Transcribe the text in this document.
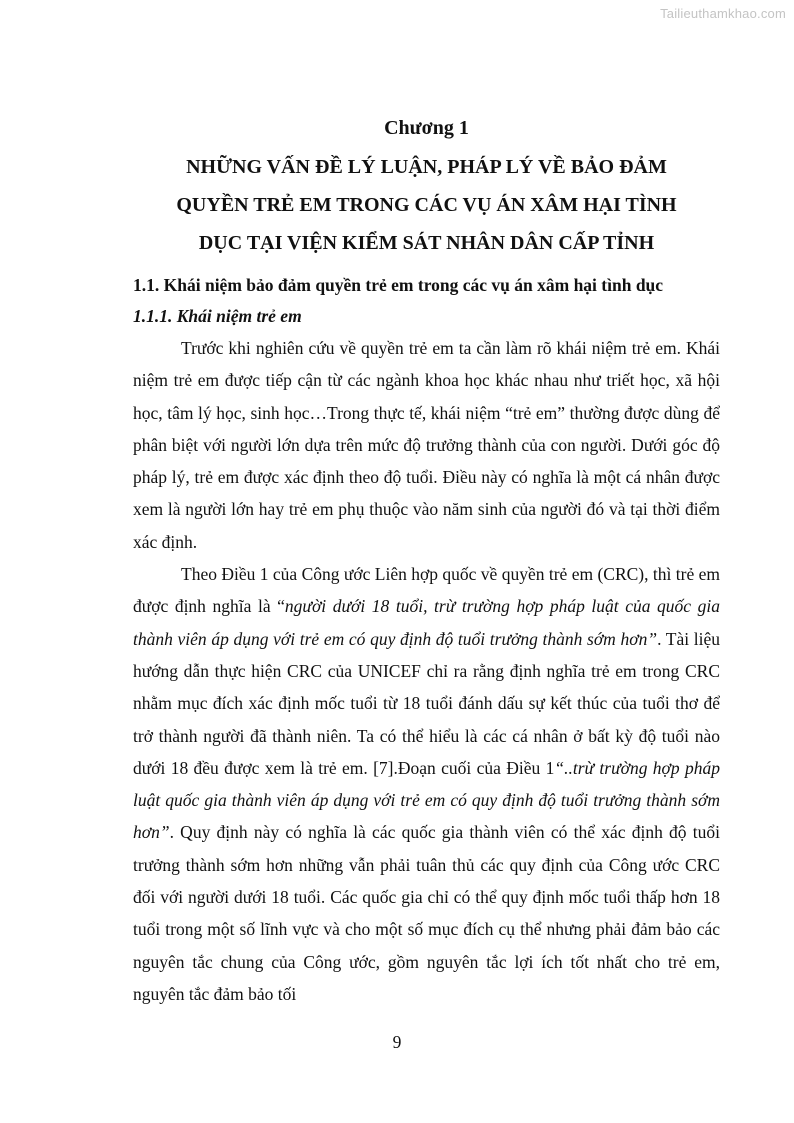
Tailieuthamkhao.com
Chương 1
NHỮNG VẤN ĐỀ LÝ LUẬN, PHÁP LÝ VỀ BẢO ĐẢM
QUYỀN TRẺ EM TRONG CÁC VỤ ÁN XÂM HẠI TÌNH
DỤC TẠI VIỆN KIỂM SÁT NHÂN DÂN CẤP TỈNH
1.1. Khái niệm bảo đảm quyền trẻ em trong các vụ án xâm hại tình dục
1.1.1. Khái niệm trẻ em

Trước khi nghiên cứu về quyền trẻ em ta cần làm rõ khái niệm trẻ em. Khái niệm trẻ em được tiếp cận từ các ngành khoa học khác nhau như triết học, xã hội học, tâm lý học, sinh học…Trong thực tế, khái niệm “trẻ em” thường được dùng để phân biệt với người lớn dựa trên mức độ trưởng thành của con người. Dưới góc độ pháp lý, trẻ em được xác định theo độ tuổi. Điều này có nghĩa là một cá nhân được xem là người lớn hay trẻ em phụ thuộc vào năm sinh của người đó và tại thời điểm xác định.

Theo Điều 1 của Công ước Liên hợp quốc về quyền trẻ em (CRC), thì trẻ em được định nghĩa là “người dưới 18 tuổi, trừ trường hợp pháp luật của quốc gia thành viên áp dụng với trẻ em có quy định độ tuổi trưởng thành sớm hơn”. Tài liệu hướng dẫn thực hiện CRC của UNICEF chỉ ra rằng định nghĩa trẻ em trong CRC nhằm mục đích xác định mốc tuổi từ 18 tuổi đánh dấu sự kết thúc của tuổi thơ để trở thành người đã thành niên. Ta có thể hiểu là các cá nhân ở bất kỳ độ tuổi nào dưới 18 đều được xem là trẻ em. [7].Đoạn cuối của Điều 1“..trừ trường hợp pháp luật quốc gia thành viên áp dụng với trẻ em có quy định độ tuổi trưởng thành sớm hơn”. Quy định này có nghĩa là các quốc gia thành viên có thể xác định độ tuổi trưởng thành sớm hơn những vẫn phải tuân thủ các quy định của Công ước CRC đối với người dưới 18 tuổi. Các quốc gia chỉ có thể quy định mốc tuổi thấp hơn 18 tuổi trong một số lĩnh vực và cho một số mục đích cụ thể nhưng phải đảm bảo các nguyên tắc chung của Công ước, gồm nguyên tắc lợi ích tốt nhất cho trẻ em, nguyên tắc đảm bảo tối

9
